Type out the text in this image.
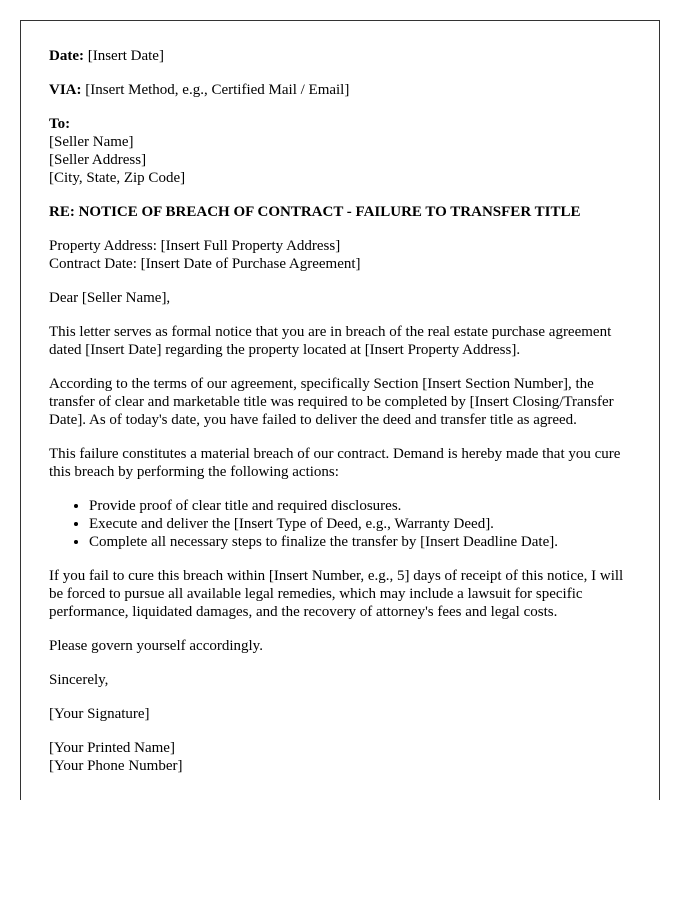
Date: [Insert Date]

VIA: [Insert Method, e.g., Certified Mail / Email]

To:
[Seller Name]
[Seller Address]
[City, State, Zip Code]

RE: NOTICE OF BREACH OF CONTRACT - FAILURE TO TRANSFER TITLE

Property Address: [Insert Full Property Address]
Contract Date: [Insert Date of Purchase Agreement]

Dear [Seller Name],

This letter serves as formal notice that you are in breach of the real estate purchase agreement dated [Insert Date] regarding the property located at [Insert Property Address].

According to the terms of our agreement, specifically Section [Insert Section Number], the transfer of clear and marketable title was required to be completed by [Insert Closing/Transfer Date]. As of today's date, you have failed to deliver the deed and transfer title as agreed.

This failure constitutes a material breach of our contract. Demand is hereby made that you cure this breach by performing the following actions:

• Provide proof of clear title and required disclosures.
• Execute and deliver the [Insert Type of Deed, e.g., Warranty Deed].
• Complete all necessary steps to finalize the transfer by [Insert Deadline Date].

If you fail to cure this breach within [Insert Number, e.g., 5] days of receipt of this notice, I will be forced to pursue all available legal remedies, which may include a lawsuit for specific performance, liquidated damages, and the recovery of attorney's fees and legal costs.

Please govern yourself accordingly.

Sincerely,

[Your Signature]

[Your Printed Name]
[Your Phone Number]
